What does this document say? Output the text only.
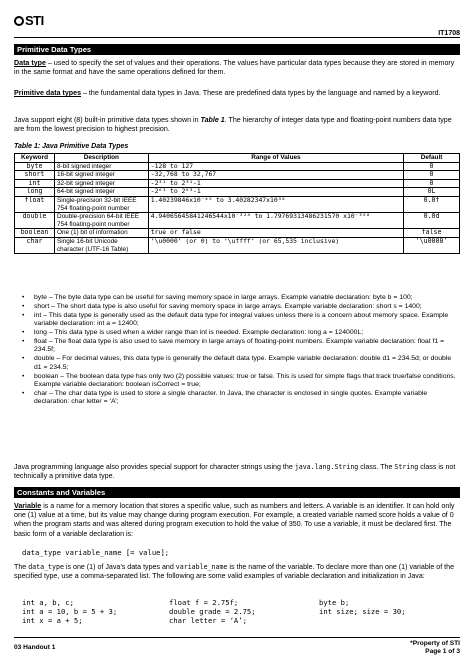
STI
IT1708
Primitive Data Types
Data type – used to specify the set of values and their operations. The values have particular data types because they are stored in memory in the same format and have the same operations defined for them.
Primitive data types – the fundamental data types in Java. These are predefined data types by the language and named by a keyword.
Java support eight (8) built-in primitive data types shown in Table 1. The hierarchy of integer data type and floating-point numbers data type are from the lowest precision to highest precision.
Table 1: Java Primitive Data Types
Keyword	Description	Range of Values	Default
byte	8-bit signed integer	-128 to 127	0
short	16-bit signed integer	-32,768 to 32,767	0
int	32-bit signed integer	-2³¹ to 2³¹-1	0
long	64-bit signed integer	-2⁶³ to 2⁶³-1	0L
float	Single-precision 32-bit IEEE 754 floating-point number	1.40239846x10⁻⁴⁵ to 3.40282347x10³⁸	0.0f
double	Double-precision 64-bit IEEE 754 floating-point number	4.94065645841246544x10⁻³²⁴ to 1.79769313486231570 x10⁻³⁰⁸	0.0d
boolean	One (1) bit of information	true or false	false
char	Single 16-bit Unicode character (UTF-16 Table)	‘\u0000’ (or 0) to ‘\uffff’ (or 65,535 inclusive)	‘\u0000’
• byte – The byte data type can be useful for saving memory space in large arrays. Example variable declaration: byte b = 100;
• short – The short data type is also useful for saving memory space in large arrays. Example variable declaration: short s = 1400;
• int – This data type is generally used as the default data type for integral values unless there is a concern about memory space. Example variable declaration: int a = 12400;
• long – This data type is used when a wider range than int is needed. Example declaration: long a = 124000L;
• float – The float data type is also used to save memory in large arrays of floating-point numbers. Example variable declaration: float f1 = 234.5f;
• double – For decimal values, this data type is generally the default data type. Example variable declaration: double d1 = 234.5d; or double d1 = 234.5;
• boolean – The boolean data type has only two (2) possible values: true or false. This is used for simple flags that track true/false conditions. Example variable declaration: boolean isCorrect = true;
• char – The char data type is used to store a single character. In Java, the character is enclosed in single quotes. Example variable declaration: char letter = ‘A’;
Java programming language also provides special support for character strings using the java.lang.String class. The String class is not technically a primitive data type.
Constants and Variables
Variable is a name for a memory location that stores a specific value, such as numbers and letters. A variable is an identifier. It can hold only one (1) value at a time, but its value may change during program execution. For example, a created variable named score holds a value of 0 when the program starts and was altered during program execution to hold the value of 350. To use a variable, it must be declared first. The basic form of a variable declaration is:
data_type variable_name [= value];
The data_type is one (1) of Java’s data types and variable_name is the name of the variable. To declare more than one (1) variable of the specified type, use a comma-separated list. The following are some valid examples of variable declaration and initialization in Java:
int a, b, c;	float f = 2.75f;	byte b;
int a = 10, b = 5 + 3;	double grade = 2.75;	int size; size = 30;
int x = a + 5;	char letter = ‘A’;
03 Handout 1
*Property of STI
Page 1 of 3
